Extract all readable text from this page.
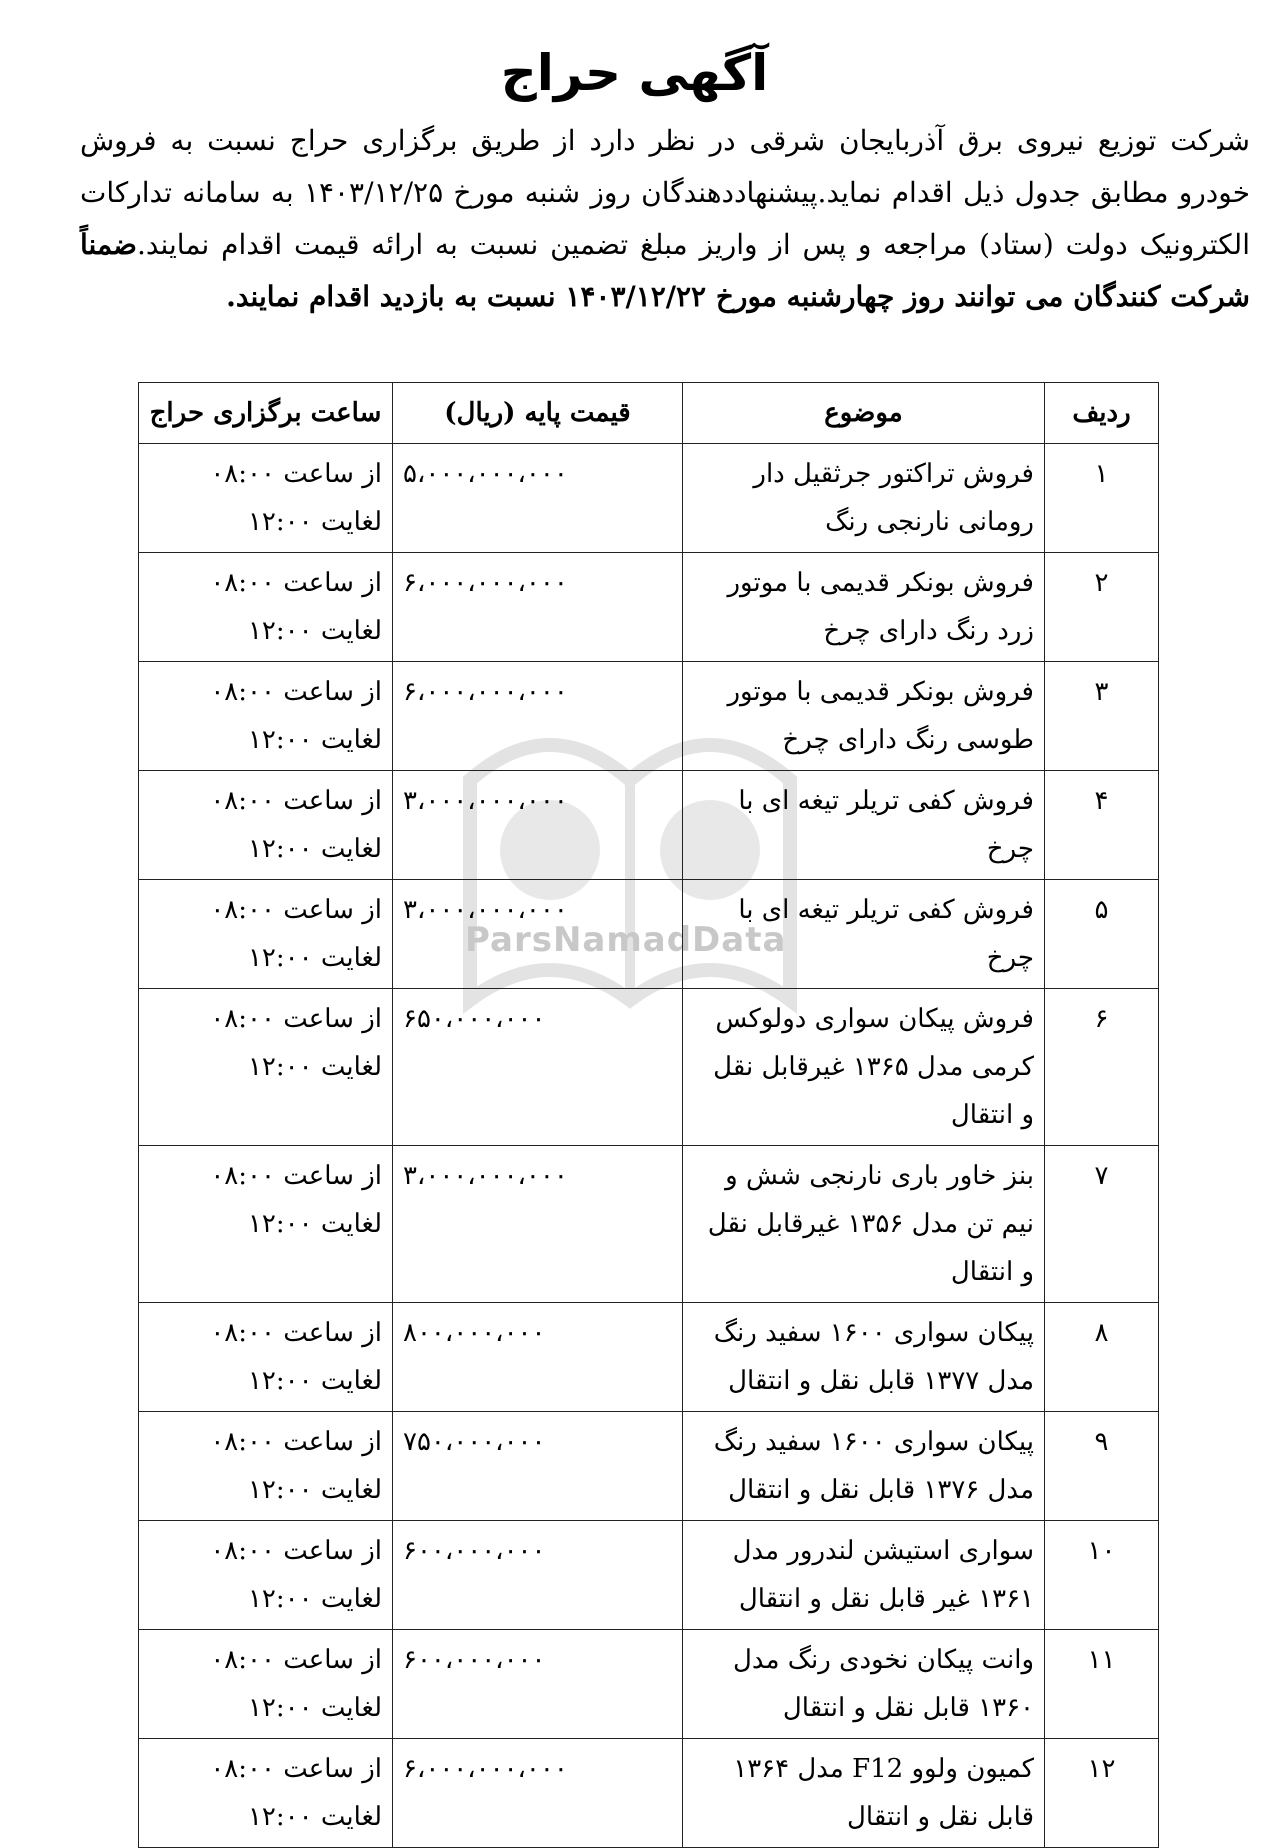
آگهی حراج
شرکت توزیع نیروی برق آذربایجان شرقی در نظر دارد از طریق برگزاری حراج نسبت به فروش خودرو مطابق جدول ذیل اقدام نماید.پیشنهاددهندگان روز شنبه مورخ ۱۴۰۳/۱۲/۲۵ به سامانه تدارکات الکترونیک دولت (ستاد) مراجعه و پس از واریز مبلغ تضمین نسبت به ارائه قیمت اقدام نمایند.ضمناً شرکت کنندگان می توانند روز چهارشنبه مورخ ۱۴۰۳/۱۲/۲۲ نسبت به بازدید اقدام نمایند.
ParsNamadData
ردیف	موضوع	قیمت پایه (ریال)	ساعت برگزاری حراج
۱	فروش تراکتور جرثقیل دار رومانی نارنجی رنگ	۵،۰۰۰،۰۰۰،۰۰۰	از ساعت ۰۸:۰۰
لغایت ۱۲:۰۰

۲	فروش بونکر قدیمی با موتور زرد رنگ دارای چرخ	۶،۰۰۰،۰۰۰،۰۰۰	از ساعت ۰۸:۰۰
لغایت ۱۲:۰۰

۳	فروش بونکر قدیمی با موتور طوسی رنگ دارای چرخ	۶،۰۰۰،۰۰۰،۰۰۰	از ساعت ۰۸:۰۰
لغایت ۱۲:۰۰

۴	فروش کفی تریلر تیغه ای با چرخ	۳،۰۰۰،۰۰۰،۰۰۰	از ساعت ۰۸:۰۰
لغایت ۱۲:۰۰

۵	فروش کفی تریلر تیغه ای با چرخ	۳،۰۰۰،۰۰۰،۰۰۰	از ساعت ۰۸:۰۰
لغایت ۱۲:۰۰

۶	فروش پیکان سواری دولوکس کرمی مدل ۱۳۶۵ غیرقابل نقل و انتقال	۶۵۰،۰۰۰،۰۰۰	از ساعت ۰۸:۰۰
لغایت ۱۲:۰۰

۷	بنز خاور باری نارنجی شش و نیم تن مدل ۱۳۵۶ غیرقابل نقل و انتقال	۳،۰۰۰،۰۰۰،۰۰۰	از ساعت ۰۸:۰۰
لغایت ۱۲:۰۰

۸	پیکان سواری ۱۶۰۰ سفید رنگ مدل ۱۳۷۷ قابل نقل و انتقال	۸۰۰،۰۰۰،۰۰۰	از ساعت ۰۸:۰۰
لغایت ۱۲:۰۰

۹	پیکان سواری ۱۶۰۰ سفید رنگ مدل ۱۳۷۶ قابل نقل و انتقال	۷۵۰،۰۰۰،۰۰۰	از ساعت ۰۸:۰۰
لغایت ۱۲:۰۰

۱۰	سواری استیشن لندرور مدل ۱۳۶۱ غیر قابل نقل و انتقال	۶۰۰،۰۰۰،۰۰۰	از ساعت ۰۸:۰۰
لغایت ۱۲:۰۰

۱۱	وانت پیکان نخودی رنگ مدل ۱۳۶۰ قابل نقل و انتقال	۶۰۰،۰۰۰،۰۰۰	از ساعت ۰۸:۰۰
لغایت ۱۲:۰۰

۱۲	کمیون ولوو F12 مدل ۱۳۶۴ قابل نقل و انتقال	۶،۰۰۰،۰۰۰،۰۰۰	از ساعت ۰۸:۰۰
لغایت ۱۲:۰۰
